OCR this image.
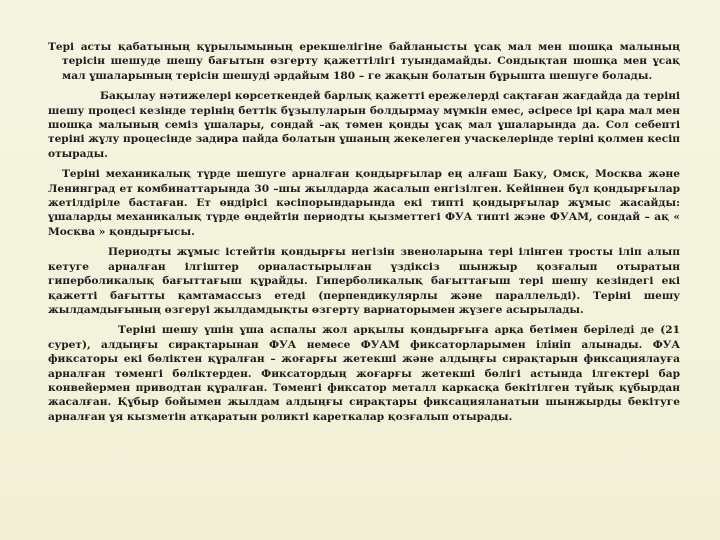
Тері асты қабатының құрылымының ерекшелігіне байланысты ұсақ мал мен шошқа малының терісін шешуде шешу бағытын өзгерту қажеттілігі туындамайды. Сондықтан шошқа мен ұсақ мал ұшаларының терісін шешуді әрдайым 180 – ге жақын болатын бұрышта шешуге болады.

Бақылау нәтижелері көрсеткендей барлық қажетті ережелерді сақтаған жағдайда да теріні шешу процесі кезінде терінің беттік бұзылуларын болдырмау мүмкін емес, әсіресе ірі қара мал мен шошқа малының семіз ұшалары, сондай –ақ төмен қонды ұсақ мал ұшаларында да. Сол себепті теріні жұлу процесінде задира пайда болатын ұшаның жекелеген учаскелерінде теріні қолмен кесіп отырады.

Теріні механикалық түрде шешуге арналған қондырғылар ең алғаш Баку, Омск, Москва және Ленинград ет комбинаттарында 30 –шы жылдарда жасалып енгізілген. Кейіннен бұл қондырғылар жетілдіріле бастаған. Ет өндірісі кәсіпорындарында екі типті қондырғылар жұмыс жасайды: ұшаларды механикалық түрде өңдейтін периодты қызметтегі ФУА типті жэне ФУАМ, сондай – ақ « Москва » қондырғысы.

Периодты жұмыс істейтін қондырғы негізін звеноларына тері ілінген тросты іліп алып кетуге арналған ілгіштер орналастырылған үздіксіз шынжыр қозғалып отыратын гиперболикалық бағыттағыш құрайды. Гиперболикалық бағыттағыш тері шешу кезіндегі екі қажетті бағытты қамтамассыз етеді (перпендикулярлы және параллельді). Теріні шешу жылдамдығының өзгеруі жылдамдықты өзгерту вариаторымен жүзеге асырылады.

Теріні шешу үшін ұша аспалы жол арқылы қондырғыға арқа бетімен берiледi де (21 сурет), алдыңғы сирақтарынан ФУА немесе ФУАМ фиксаторларымен iлiнiп алынады. ФУА фиксаторы екі бөліктен құралған – жоғарғы жетекші және алдыңғы сирақтарын фиксациялауға арналған төменгі бөліктерден. Фиксатордың жоғарғы жетекші бөлігі астында ілгектері бар конвейермен приводтан құралған. Төменгі фиксатор металл каркасқа бекітілген түйық құбырдан жасалған. Құбыр бойымен жылдам алдыңғы сирақтары фиксацияланатын шынжырды бекітуге арналған ұя кызметін атқаратын роликті кареткалар қозғалып отырады.
